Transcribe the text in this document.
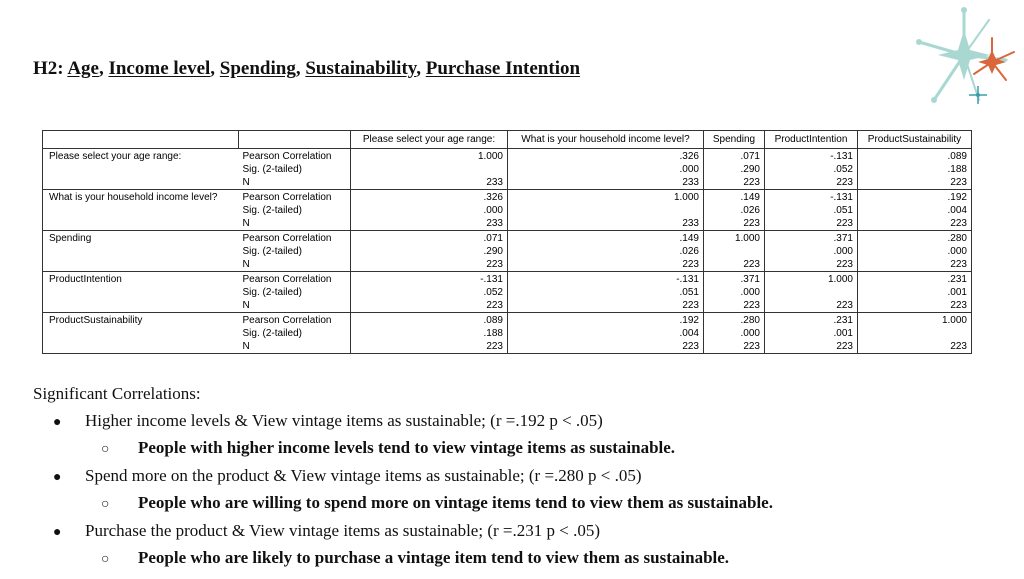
H2: Age, Income level, Spending, Sustainability, Purchase Intention
		Please select your age range:	What is your household income level?	Spending	ProductIntention	ProductSustainability
Please select your age range:	Pearson Correlation	1.000	.326	.071	-.131	.089
	Sig. (2-tailed)		.000	.290	.052	.188
	N	233	233	223	223	223
What is your household income level?	Pearson Correlation	.326	1.000	.149	-.131	.192
	Sig. (2-tailed)	.000		.026	.051	.004
	N	233	233	223	223	223
Spending	Pearson Correlation	.071	.149	1.000	.371	.280
	Sig. (2-tailed)	.290	.026		.000	.000
	N	223	223	223	223	223
ProductIntention	Pearson Correlation	-.131	-.131	.371	1.000	.231
	Sig. (2-tailed)	.052	.051	.000		.001
	N	223	223	223	223	223
ProductSustainability	Pearson Correlation	.089	.192	.280	.231	1.000
	Sig. (2-tailed)	.188	.004	.000	.001	
	N	223	223	223	223	223
Significant Correlations:
●	Higher income levels & View vintage items as sustainable; (r =.192 p < .05)
○	People with higher income levels tend to view vintage items as sustainable.
●	Spend more on the product & View vintage items as sustainable; (r =.280 p < .05)
○	People who are willing to spend more on vintage items tend to view them as sustainable.
●	Purchase the product & View vintage items as sustainable; (r =.231 p < .05)
○	People who are likely to purchase a vintage item tend to view them as sustainable.
